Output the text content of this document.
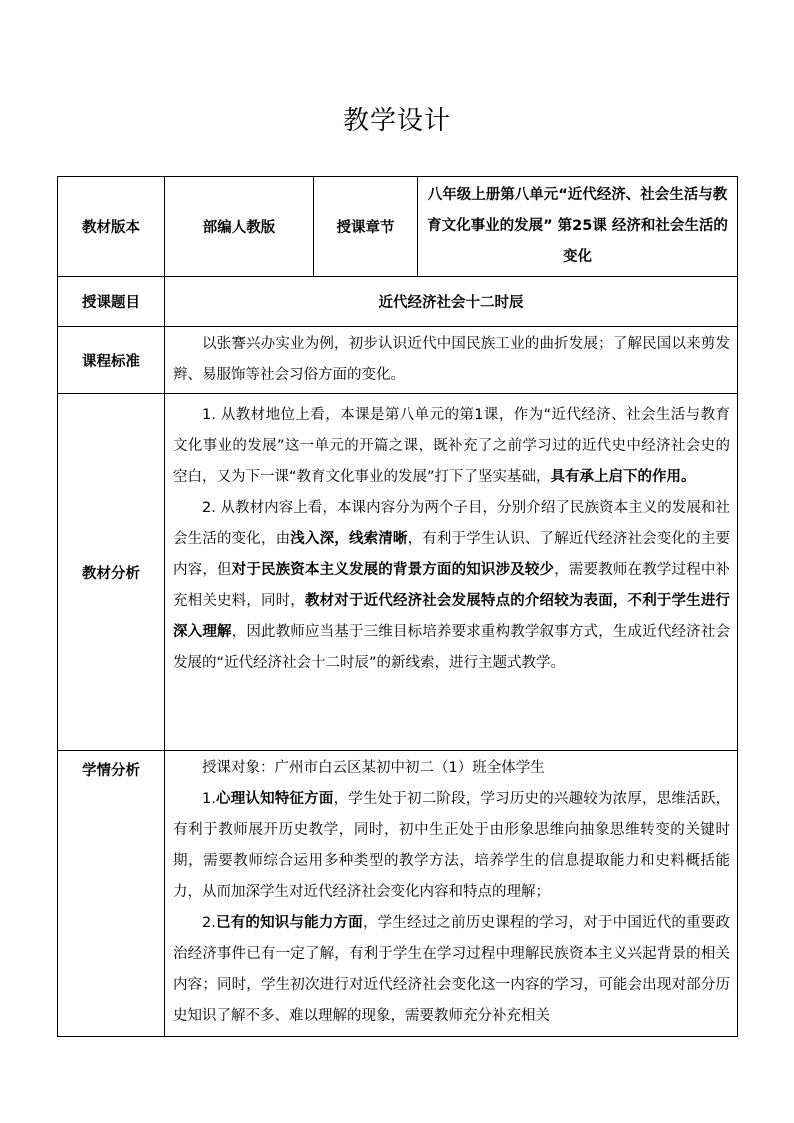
教学设计
教材版本	部编人教版	授课章节	八年级上册第八单元“近代经济、社会生活与教育文化事业的发展” 第25课 经济和社会生活的变化
授课题目	近代经济社会十二时辰		
课程标准	以张謇兴办实业为例，初步认识近代中国民族工业的曲折发展；了解民国以来剪发辫、易服饰等社会习俗方面的变化。		

教材分析	1. 从教材地位上看，本课是第八单元的第1课，作为“近代经济、社会生活与教育文化事业的发展”这一单元的开篇之课，既补充了之前学习过的近代史中经济社会史的空白，又为下一课“教育文化事业的发展”打下了坚实基础，具有承上启下的作用。

2. 从教材内容上看，本课内容分为两个子目，分别介绍了民族资本主义的发展和社会生活的变化，由浅入深，线索清晰，有利于学生认识、了解近代经济社会变化的主要内容，但对于民族资本主义发展的背景方面的知识涉及较少，需要教师在教学过程中补充相关史料，同时，教材对于近代经济社会发展特点的介绍较为表面，不利于学生进行深入理解，因此教师应当基于三维目标培养要求重构教学叙事方式，生成近代经济社会发展的“近代经济社会十二时辰”的新线索，进行主题式教学。		

学情分析	授课对象：广州市白云区某初中初二（1）班全体学生

1.心理认知特征方面，学生处于初二阶段，学习历史的兴趣较为浓厚，思维活跃，有利于教师展开历史教学，同时，初中生正处于由形象思维向抽象思维转变的关键时期，需要教师综合运用多种类型的教学方法，培养学生的信息提取能力和史料概括能力，从而加深学生对近代经济社会变化内容和特点的理解；

2.已有的知识与能力方面，学生经过之前历史课程的学习，对于中国近代的重要政治经济事件已有一定了解，有利于学生在学习过程中理解民族资本主义兴起背景的相关内容；同时，学生初次进行对近代经济社会变化这一内容的学习，可能会出现对部分历史知识了解不多、难以理解的现象，需要教师充分补充相关		
